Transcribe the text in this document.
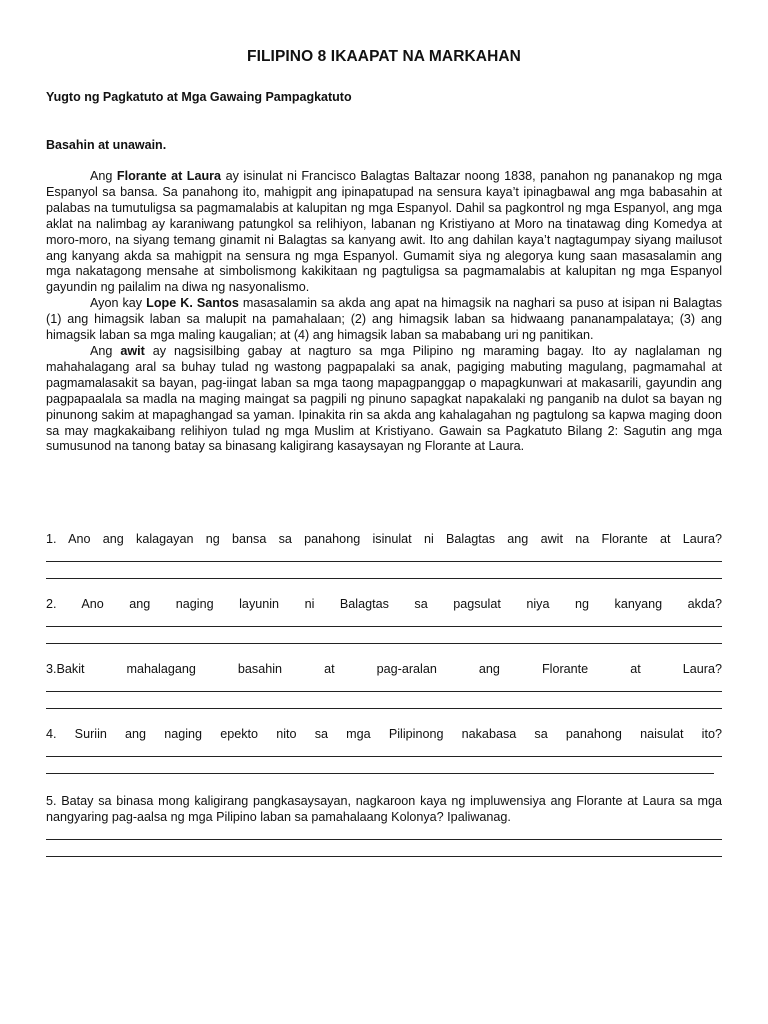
FILIPINO 8 IKAAPAT NA MARKAHAN
Yugto ng Pagkatuto at Mga Gawaing Pampagkatuto
Basahin at unawain.

Ang Florante at Laura ay isinulat ni Francisco Balagtas Baltazar noong 1838, panahon ng pananakop ng mga Espanyol sa bansa. Sa panahong ito, mahigpit ang ipinapatupad na sensura kaya’t ipinagbawal ang mga babasahin at palabas na tumutuligsa sa pagmamalabis at kalupitan ng mga Espanyol. Dahil sa pagkontrol ng mga Espanyol, ang mga aklat na nalimbag ay karaniwang patungkol sa relihiyon, labanan ng Kristiyano at Moro na tinatawag ding Komedya at moro-moro, na siyang temang ginamit ni Balagtas sa kanyang awit. Ito ang dahilan kaya’t nagtagumpay siyang mailusot ang kanyang akda sa mahigpit na sensura ng mga Espanyol. Gumamit siya ng alegorya kung saan masasalamin ang mga nakatagong mensahe at simbolismong kakikitaan ng pagtuligsa sa pagmamalabis at kalupitan ng mga Espanyol gayundin ng pailalim na diwa ng nasyonalismo.

Ayon kay Lope K. Santos masasalamin sa akda ang apat na himagsik na naghari sa puso at isipan ni Balagtas (1) ang himagsik laban sa malupit na pamahalaan; (2) ang himagsik laban sa hidwaang pananampalataya; (3) ang himagsik laban sa mga maling kaugalian; at (4) ang himagsik laban sa mababang uri ng panitikan.

Ang awit ay nagsisilbing gabay at nagturo sa mga Pilipino ng maraming bagay. Ito ay naglalaman ng mahahalagang aral sa buhay tulad ng wastong pagpapalaki sa anak, pagiging mabuting magulang, pagmamahal at pagmamalasakit sa bayan, pag-iingat laban sa mga taong mapagpanggap o mapagkunwari at makasarili, gayundin ang pagpapaalala sa madla na maging maingat sa pagpili ng pinuno sapagkat napakalaki ng panganib na dulot sa bayan ng pinunong sakim at mapaghangad sa yaman. Ipinakita rin sa akda ang kahalagahan ng pagtulong sa kapwa maging doon sa may magkakaibang relihiyon tulad ng mga Muslim at Kristiyano. Gawain sa Pagkatuto Bilang 2: Sagutin ang mga sumusunod na tanong batay sa binasang kaligirang kasaysayan ng Florante at Laura.

1. Ano ang kalagayan ng bansa sa panahong isinulat ni Balagtas ang awit na Florante at Laura?
2. Ano ang naging layunin ni Balagtas sa pagsulat niya ng kanyang akda?
3.Bakit mahalagang basahin at pag-aralan ang Florante at Laura?
4. Suriin ang naging epekto nito sa mga Pilipinong nakabasa sa panahong naisulat ito?
5. Batay sa binasa mong kaligirang pangkasaysayan, nagkaroon kaya ng impluwensiya ang Florante at Laura sa mga nangyaring pag-aalsa ng mga Pilipino laban sa pamahalaang Kolonya? Ipaliwanag.
